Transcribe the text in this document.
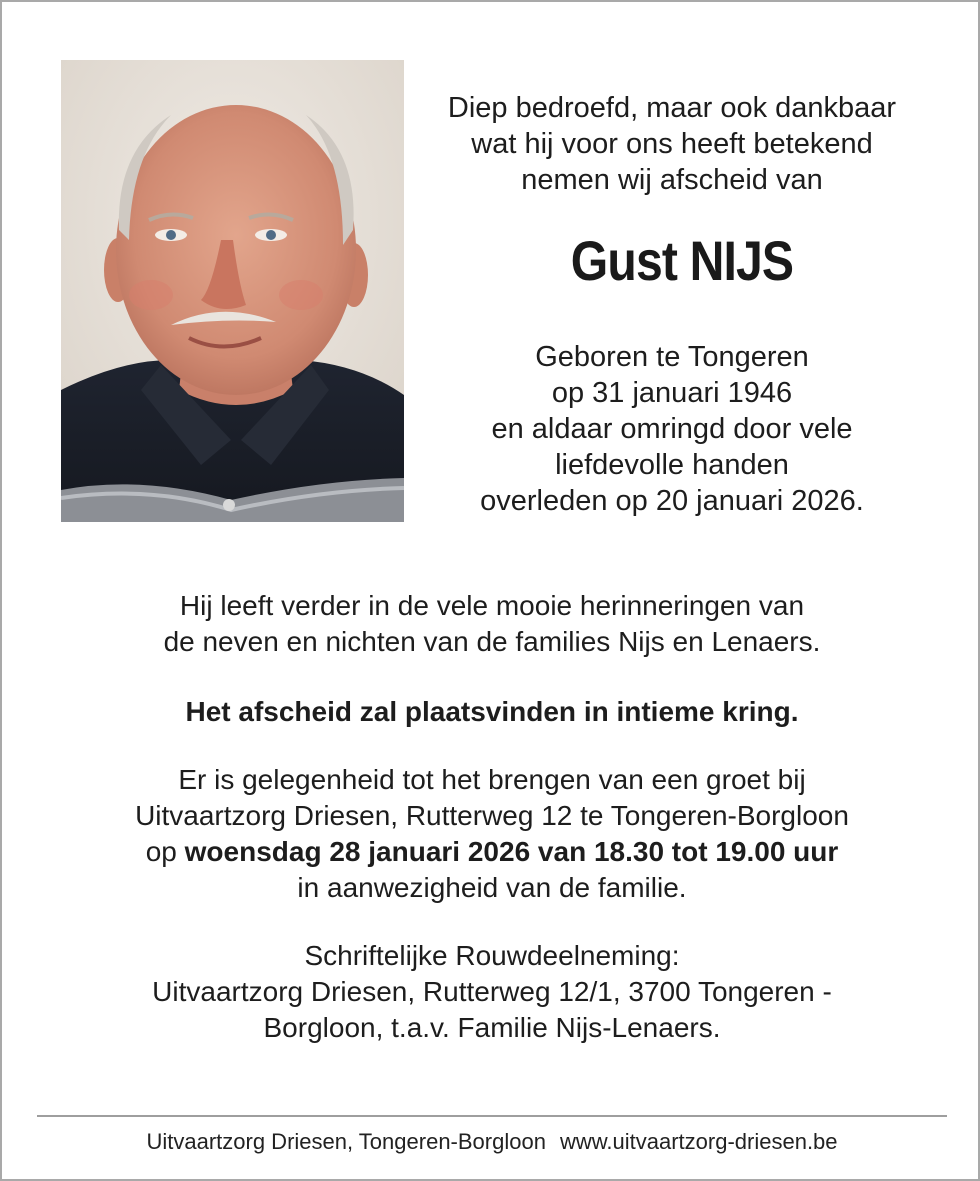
Diep bedroefd, maar ook dankbaar
wat hij voor ons heeft betekend
nemen wij afscheid van
Gust NIJS
Geboren te Tongeren
op 31 januari 1946
en aldaar omringd door vele
liefdevolle handen
overleden op 20 januari 2026.
Hij leeft verder in de vele mooie herinneringen van
de neven en nichten van de families Nijs en Lenaers.
Het afscheid zal plaatsvinden in intieme kring.
Er is gelegenheid tot het brengen van een groet bij
Uitvaartzorg Driesen, Rutterweg 12 te Tongeren-Borgloon
op woensdag 28 januari 2026 van 18.30 tot 19.00 uur
in aanwezigheid van de familie.
Schriftelijke Rouwdeelneming:
Uitvaartzorg Driesen, Rutterweg 12/1, 3700 Tongeren -
Borgloon, t.a.v. Familie Nijs-Lenaers.
Uitvaartzorg Driesen, Tongeren-Borgloon www.uitvaartzorg-driesen.be
